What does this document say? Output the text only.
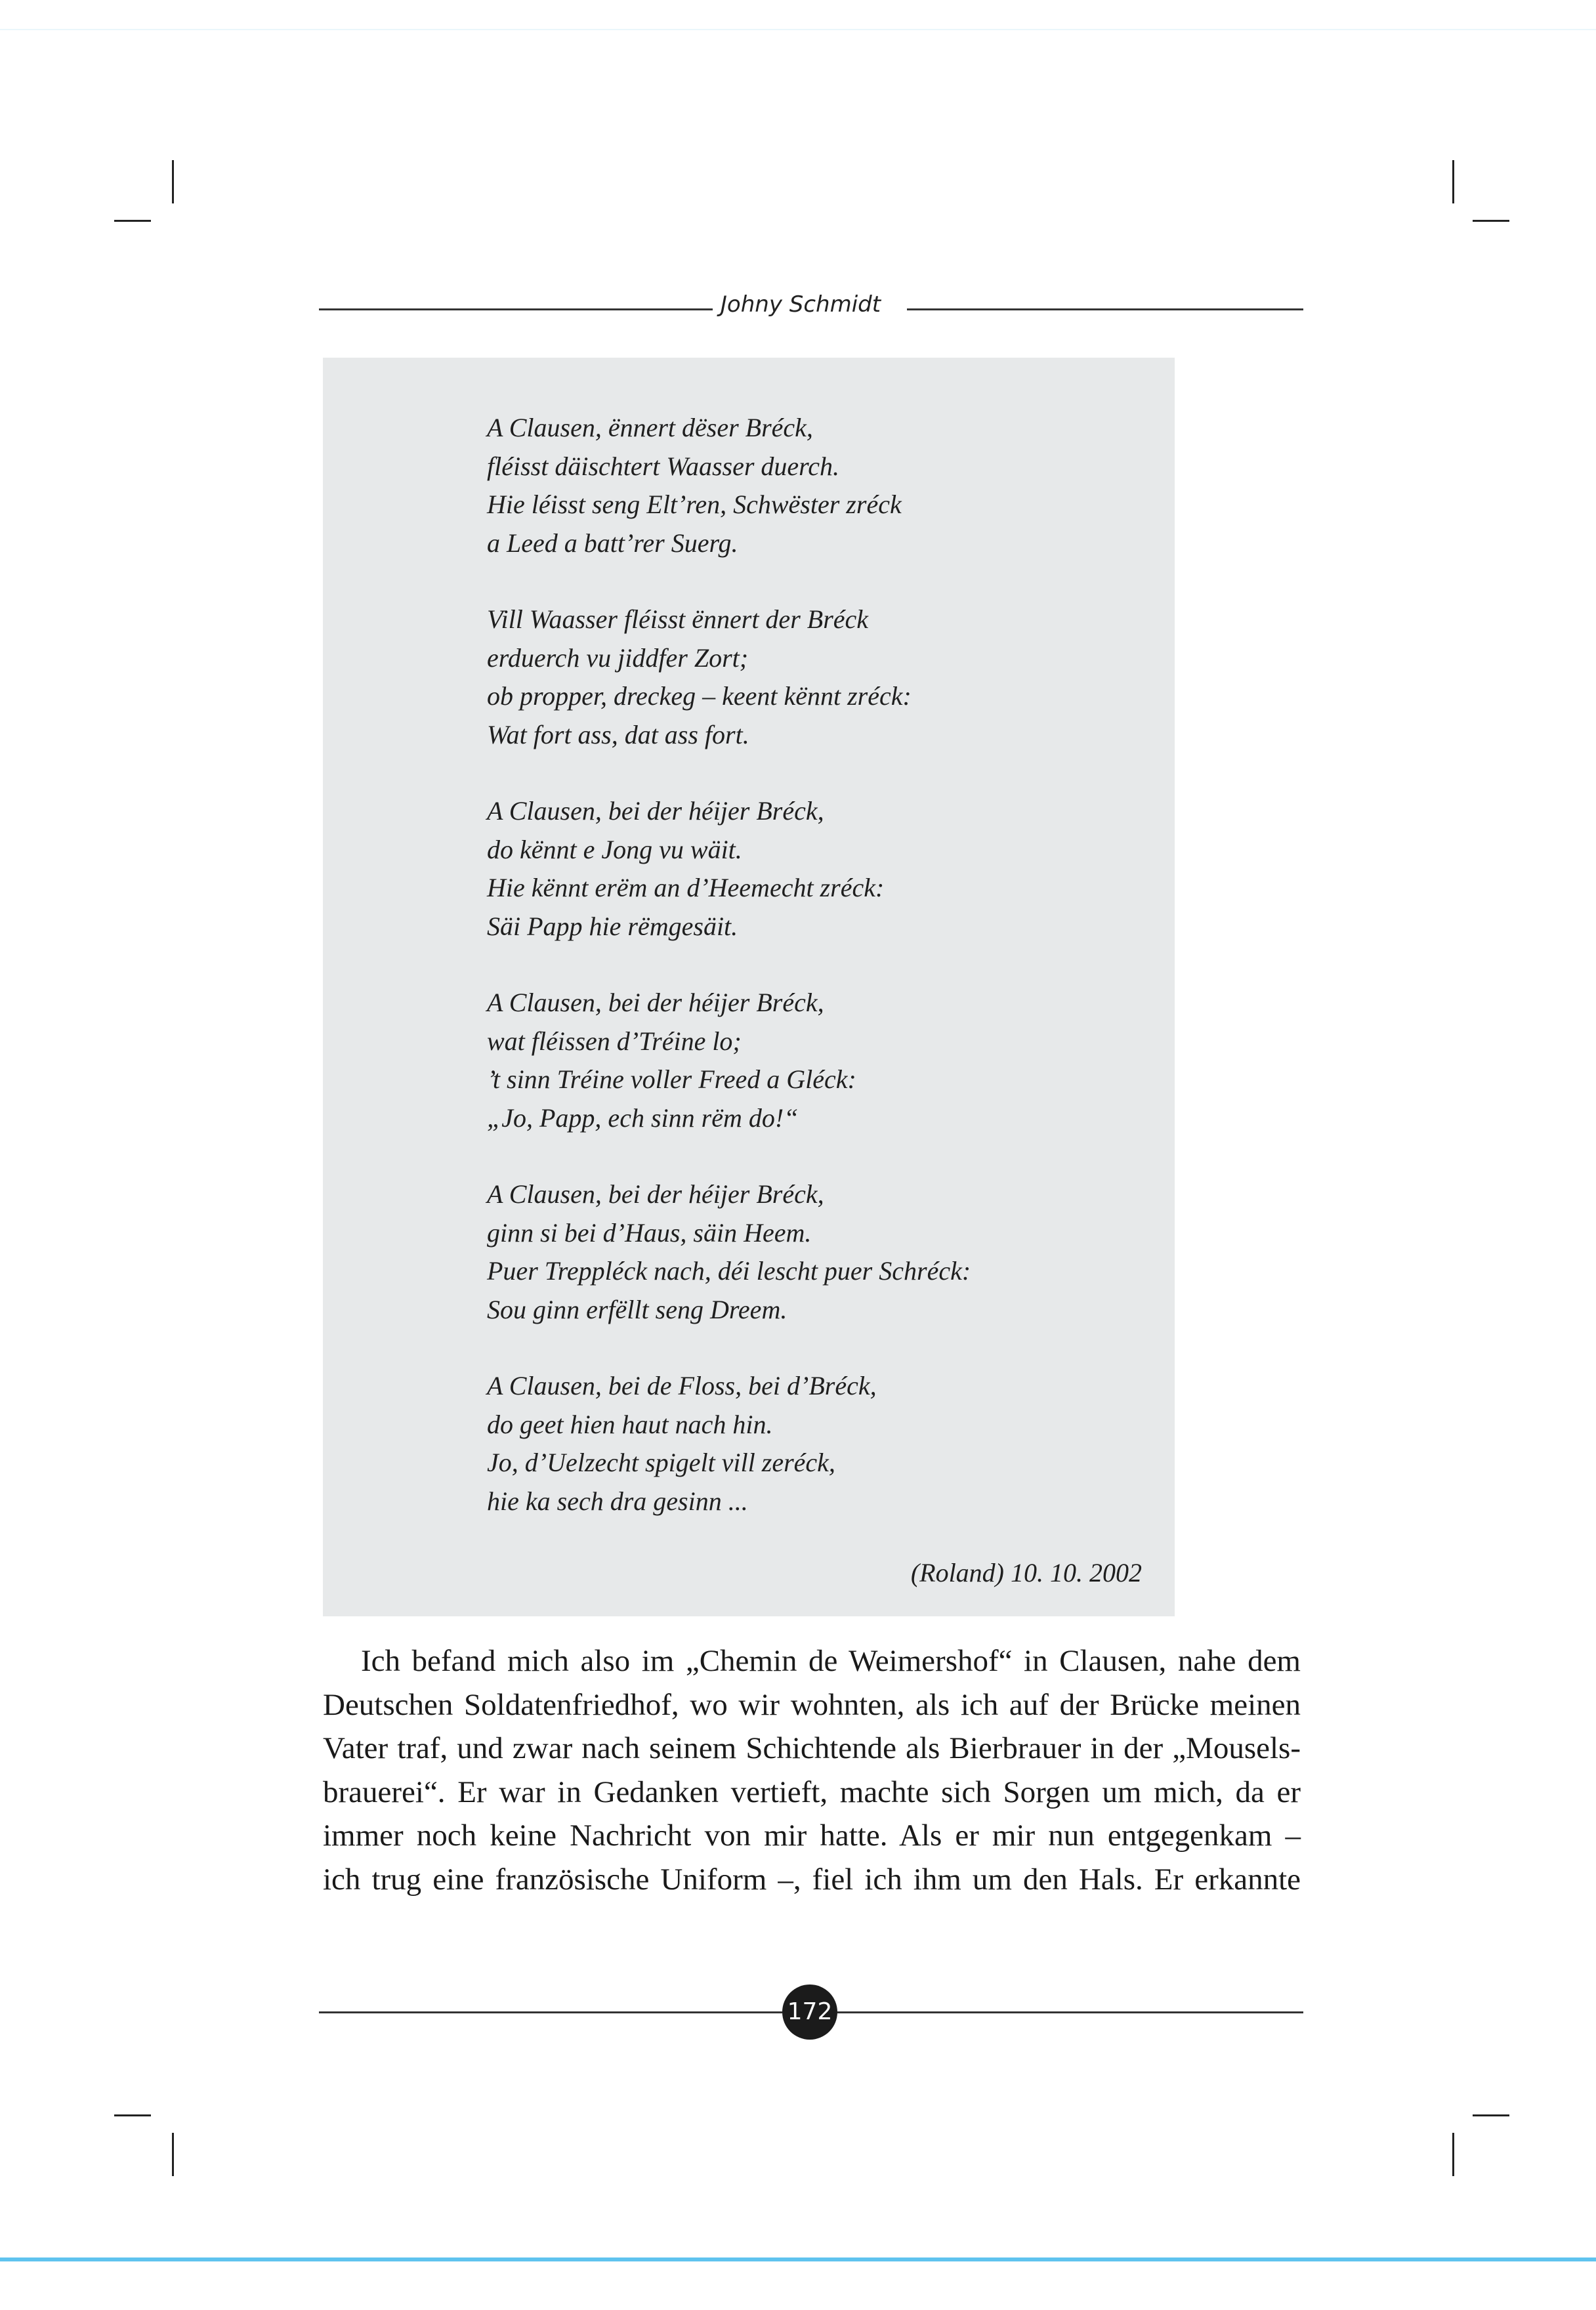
Johny Schmidt
A Clausen, ënnert dëser Bréck,
fléisst däischtert Waasser duerch.
Hie léisst seng Elt’ren, Schwëster zréck
a Leed a batt’rer Suerg.
Vill Waasser fléisst ënnert der Bréck
erduerch vu jiddfer Zort;
ob propper, dreckeg – keent kënnt zréck:
Wat fort ass, dat ass fort.
A Clausen, bei der héijer Bréck,
do kënnt e Jong vu wäit.
Hie kënnt erëm an d’Heemecht zréck:
Säi Papp hie rëmgesäit.
A Clausen, bei der héijer Bréck,
wat fléissen d’Tréine lo;
’t sinn Tréine voller Freed a Gléck:
„Jo, Papp, ech sinn rëm do!“
A Clausen, bei der héijer Bréck,
ginn si bei d’Haus, säin Heem.
Puer Treppléck nach, déi lescht puer Schréck:
Sou ginn erfëllt seng Dreem.
A Clausen, bei de Floss, bei d’Bréck,
do geet hien haut nach hin.
Jo, d’Uelzecht spigelt vill zeréck,
hie ka sech dra gesinn ...
(Roland) 10. 10. 2002
Ich befand mich also im „Chemin de Weimershof“ in Clausen, nahe dem
Deutschen Soldatenfriedhof, wo wir wohnten, als ich auf der Brücke meinen
Vater traf, und zwar nach seinem Schichtende als Bierbrauer in der „Mousels-
brauerei“. Er war in Gedanken vertieft, machte sich Sorgen um mich, da er
immer noch keine Nachricht von mir hatte. Als er mir nun entgegenkam –
ich trug eine französische Uniform –, fiel ich ihm um den Hals. Er erkannte
172
